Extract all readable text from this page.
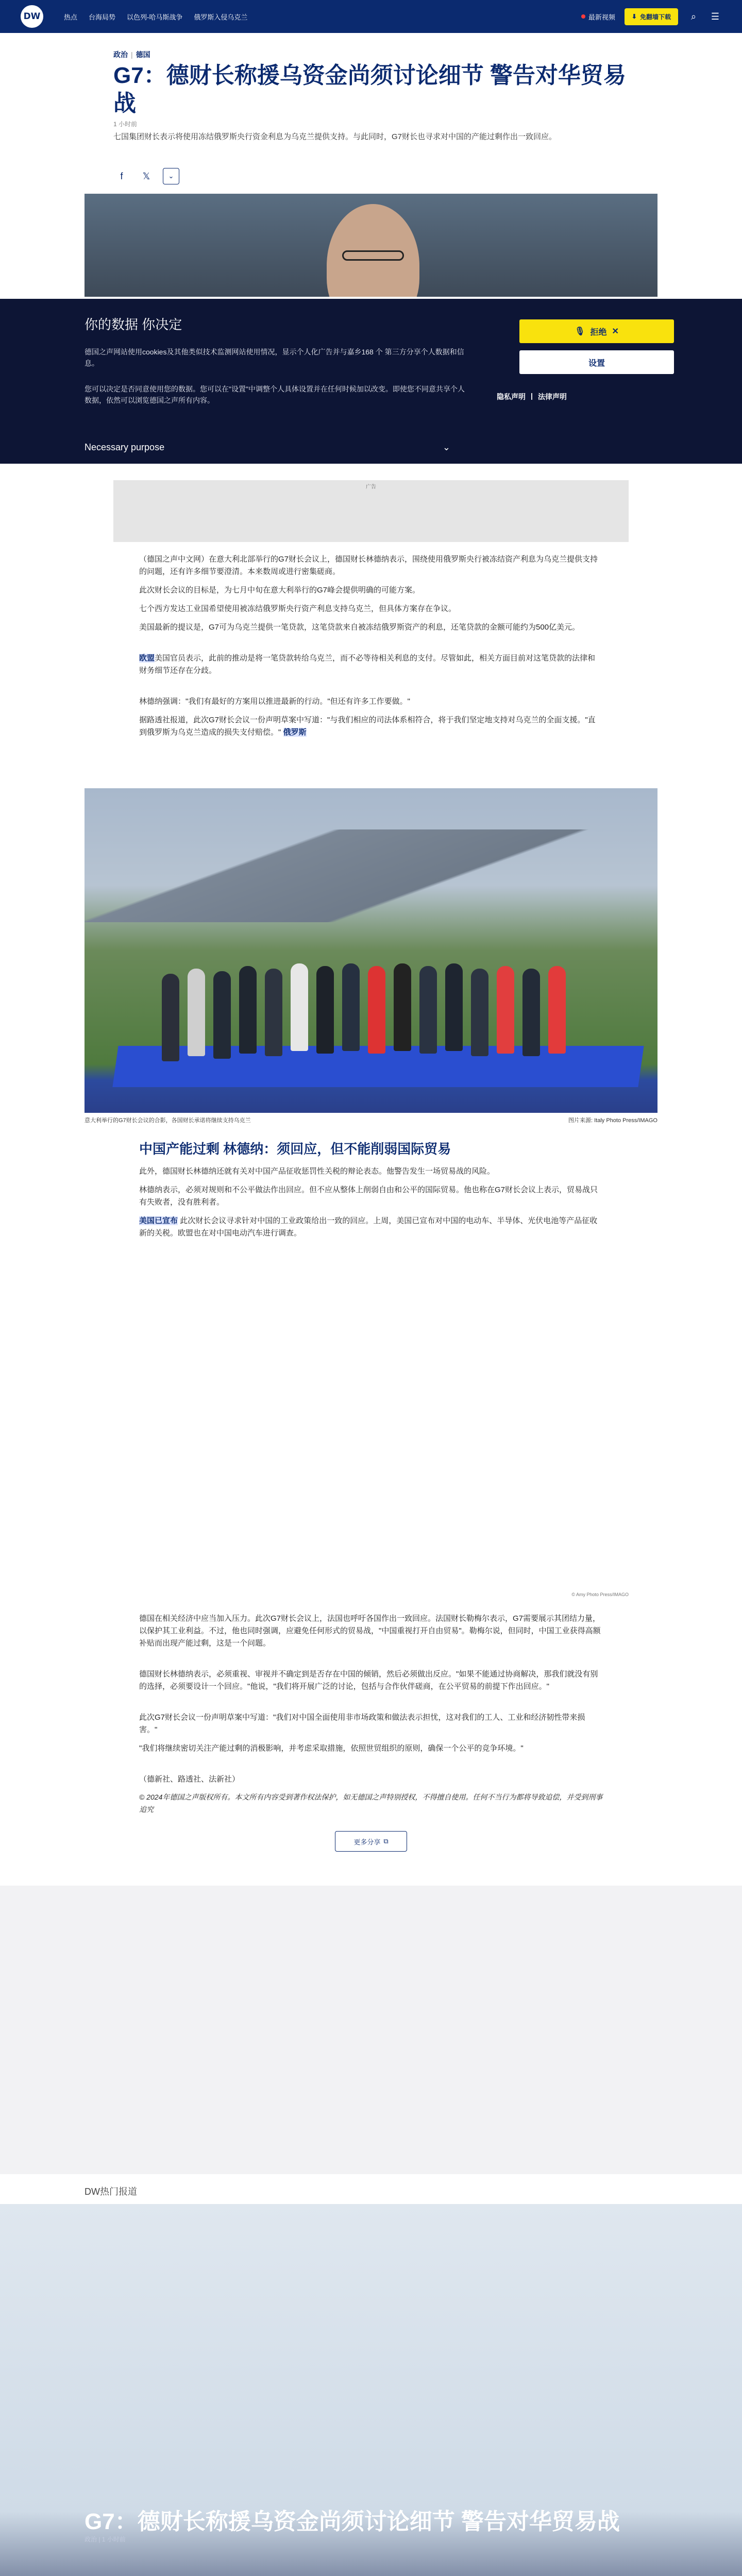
DW	热点 台海局势 以色列-哈马斯战争 俄罗斯入侵乌克兰	最新视频	⬇ 免翻墙下载	⌕	☰
政治 | 德国
G7：德财长称援乌资金尚须讨论细节 警告对华贸易战
1 小时前

七国集团财长表示将使用冻结俄罗斯央行资金利息为乌克兰提供支持。与此同时，G7财长也寻求对中国的产能过剩作出一致回应。

f	𝕏	⌄
你的数据 你决定

德国之声网站使用cookies及其他类似技术监测网站使用情况，显示个人化广告并与嘉乡168 个 第三方分享个人数据和信息。

您可以决定是否同意使用您的数据。您可以在"设置"中调整个人具体设置并在任何时候加以改变。即使您不同意共享个人数据，依然可以浏览德国之声所有内容。

🎙 拒绝 ✕
设置
隐私声明 | 法律声明
Necessary purpose	⌄
广告

（德国之声中文网）在意大利北部举行的G7财长会议上，德国财长林德纳表示，围绕使用俄罗斯央行被冻结资产利息为乌克兰提供支持的问题，还有许多细节要澄清。本来数周或进行密集磋商。

此次财长会议的目标是，为七月中旬在意大利举行的G7峰会提供明确的可能方案。

七个西方发达工业国希望使用被冻结俄罗斯央行资产利息支持乌克兰，但具体方案存在争议。

美国最新的提议是，G7可为乌克兰提供一笔贷款，这笔贷款来自被冻结俄罗斯资产的利息，还笔贷款的金额可能约为500亿美元。

欧盟美国官员表示，此前的推动是将一笔贷款转给乌克兰，而不必等待相关利息的支付。尽管如此，相关方面目前对这笔贷款的法律和财务细节还存在分歧。

林德纳强调："我们有最好的方案用以推进最新的行动。"但还有许多工作要做。"

据路透社报道，此次G7财长会议一份声明草案中写道："与我们相应的司法体系相符合，将于我们坚定地支持对乌克兰的全面支援。"直到俄罗斯为乌克兰造成的损失支付赔偿。" 俄罗斯

意大利举行的G7财长会议的合影，各国财长承诺将继续支持乌克兰	图片来源: Italy Photo Press/IMAGO
中国产能过剩 林德纳：须回应，但不能削弱国际贸易

此外，德国财长林德纳还就有关对中国产品征收惩罚性关税的辩论表态。他警告发生一场贸易战的风险。

林德纳表示，必须对规则和不公平做法作出回应。但不应从整体上削弱自由和公平的国际贸易。他也称在G7财长会议上表示，贸易战只有失败者，没有胜利者。

美国已宣布 此次财长会议寻求针对中国的工业政策给出一致的回应。上周，美国已宣布对中国的电动车、半导体、光伏电池等产品征收新的关税。欧盟也在对中国电动汽车进行调查。

© Amy Photo Press/IMAGO

德国在相关经济中应当加入压力。此次G7财长会议上，法国也呼吁各国作出一致回应。法国财长勒梅尔表示，G7需要展示其团结力量，以保护其工业利益。不过，他也同时强调，应避免任何形式的贸易战，"中国重视打开自由贸易"。勒梅尔说，但同时，中国工业获得高额补贴而出现产能过剩，这是一个问题。

德国财长林德纳表示，必须重视、审视并不确定到是否存在中国的倾销，然后必须做出反应。"如果不能通过协商解决，那我们就没有别的选择，必须要设计一个回应。"他说，"我们将开展广泛的讨论，包括与合作伙伴磋商，在公平贸易的前提下作出回应。"

此次G7财长会议一份声明草案中写道："我们对中国全面使用非市场政策和做法表示担忧，这对我们的工人、工业和经济韧性带来损害。"

"我们将继续密切关注产能过剩的消极影响，并考虑采取措施，依照世贸组织的原则，确保一个公平的竞争环境。"

（德新社、路透社、法新社）

© 2024年德国之声版权所有。本文所有内容受到著作权法保护，如无德国之声特别授权，不得擅自使用。任何不当行为都将导致追偿，并受到刑事追究

更多分享 ⧉
DW热门报道
G7：德财长称援乌资金尚须讨论细节 警告对华贸易战
政治 | 1 小时前
